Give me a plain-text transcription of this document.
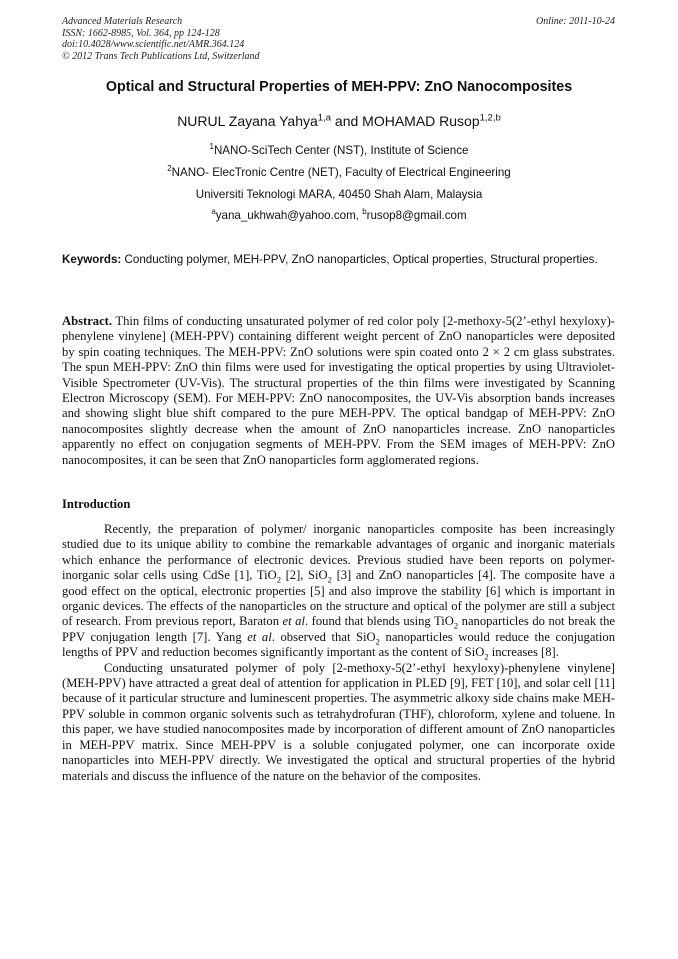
Advanced Materials Research
ISSN: 1662-8985, Vol. 364, pp 124-128
doi:10.4028/www.scientific.net/AMR.364.124
© 2012 Trans Tech Publications Ltd, Switzerland
Online: 2011-10-24
Optical and Structural Properties of MEH-PPV: ZnO Nanocomposites
NURUL Zayana Yahya$^{1,a}$ and MOHAMAD Rusop$^{1,2,b}$
$^1$NANO-SciTech Center (NST), Institute of Science
$^2$NANO- ElecTronic Centre (NET), Faculty of Electrical Engineering
Universiti Teknologi MARA, 40450 Shah Alam, Malaysia
$^a$yana_ukhwah@yahoo.com, $^b$rusop8@gmail.com
Keywords: Conducting polymer, MEH-PPV, ZnO nanoparticles, Optical properties, Structural properties.
Abstract. Thin films of conducting unsaturated polymer of red color poly [2-methoxy-5(2’-ethyl hexyloxy)-phenylene vinylene] (MEH-PPV) containing different weight percent of ZnO nanoparticles were deposited by spin coating techniques. The MEH-PPV: ZnO solutions were spin coated onto 2 × 2 cm glass substrates. The spun MEH-PPV: ZnO thin films were used for investigating the optical properties by using Ultraviolet-Visible Spectrometer (UV-Vis). The structural properties of the thin films were investigated by Scanning Electron Microscopy (SEM). For MEH-PPV: ZnO nanocomposites, the UV-Vis absorption bands increases and showing slight blue shift compared to the pure MEH-PPV. The optical bandgap of MEH-PPV: ZnO nanocomposites slightly decrease when the amount of ZnO nanoparticles increase. ZnO nanoparticles apparently no effect on conjugation segments of MEH-PPV. From the SEM images of MEH-PPV: ZnO nanocomposites, it can be seen that ZnO nanoparticles form agglomerated regions.
Introduction

Recently, the preparation of polymer/ inorganic nanoparticles composite has been increasingly studied due to its unique ability to combine the remarkable advantages of organic and inorganic materials which enhance the performance of electronic devices. Previous studied have been reports on polymer-inorganic solar cells using CdSe [1], TiO$_2$ [2], SiO$_2$ [3] and ZnO nanoparticles [4]. The composite have a good effect on the optical, electronic properties [5] and also improve the stability [6] which is important in organic devices. The effects of the nanoparticles on the structure and optical of the polymer are still a subject of research. From previous report, Baraton et al. found that blends using TiO$_2$ nanoparticles do not break the PPV conjugation length [7]. Yang et al. observed that SiO$_2$ nanoparticles would reduce the conjugation lengths of PPV and reduction becomes significantly important as the content of SiO$_2$ increases [8].

Conducting unsaturated polymer of poly [2-methoxy-5(2’-ethyl hexyloxy)-phenylene vinylene] (MEH-PPV) have attracted a great deal of attention for application in PLED [9], FET [10], and solar cell [11] because of it particular structure and luminescent properties. The asymmetric alkoxy side chains make MEH-PPV soluble in common organic solvents such as tetrahydrofuran (THF), chloroform, xylene and toluene. In this paper, we have studied nanocomposites made by incorporation of different amount of ZnO nanoparticles in MEH-PPV matrix. Since MEH-PPV is a soluble conjugated polymer, one can incorporate oxide nanoparticles into MEH-PPV directly. We investigated the optical and structural properties of the hybrid materials and discuss the influence of the nature on the behavior of the composites.
